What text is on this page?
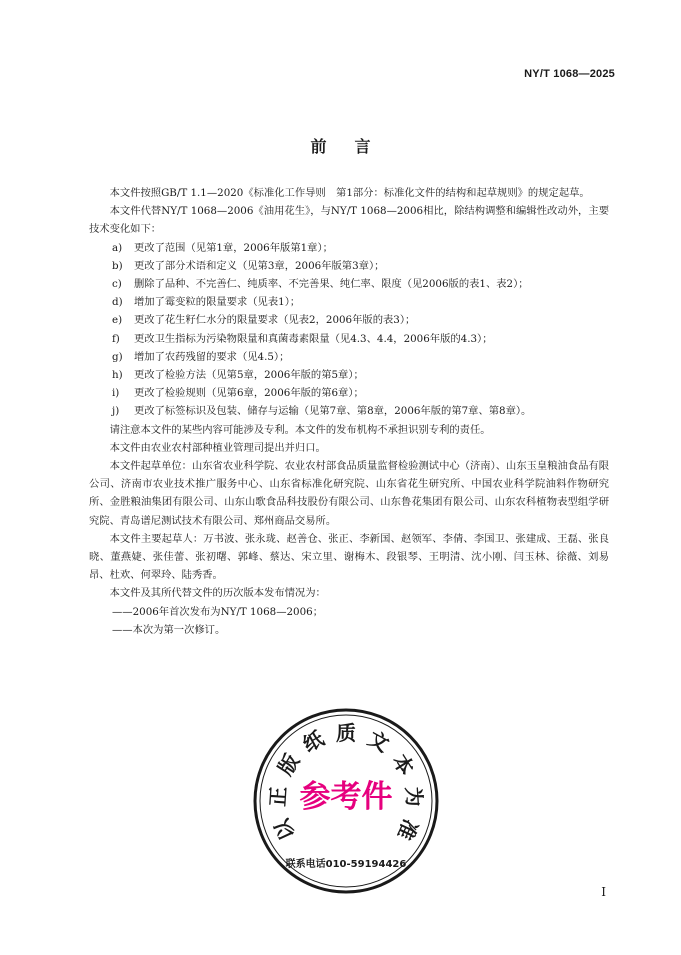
NY/T 1068—2025
前言

本文件按照GB/T 1.1—2020《标准化工作导则　第1部分：标准化文件的结构和起草规则》的规定起草。

本文件代替NY/T 1068—2006《油用花生》，与NY/T 1068—2006相比，除结构调整和编辑性改动外，主要技术变化如下：

a) 更改了范围（见第1章，2006年版第1章）；

b) 更改了部分术语和定义（见第3章，2006年版第3章）；

c) 删除了品种、不完善仁、纯质率、不完善果、纯仁率、限度（见2006版的表1、表2）；

d) 增加了霉变粒的限量要求（见表1）；

e) 更改了花生籽仁水分的限量要求（见表2，2006年版的表3）；

f) 更改卫生指标为污染物限量和真菌毒素限量（见4.3、4.4，2006年版的4.3）；

g) 增加了农药残留的要求（见4.5）；

h) 更改了检验方法（见第5章，2006年版的第5章）；

i) 更改了检验规则（见第6章，2006年版的第6章）；

j) 更改了标签标识及包装、储存与运输（见第7章、第8章，2006年版的第7章、第8章）。

请注意本文件的某些内容可能涉及专利。本文件的发布机构不承担识别专利的责任。

本文件由农业农村部种植业管理司提出并归口。

本文件起草单位：山东省农业科学院、农业农村部食品质量监督检验测试中心（济南）、山东玉皇粮油食品有限公司、济南市农业技术推广服务中心、山东省标准化研究院、山东省花生研究所、中国农业科学院油料作物研究所、金胜粮油集团有限公司、山东山歌食品科技股份有限公司、山东鲁花集团有限公司、山东农科植物表型组学研究院、青岛谱尼测试技术有限公司、郑州商品交易所。

本文件主要起草人：万书波、张永珑、赵善仓、张正、李新国、赵领军、李倩、李国卫、张建成、王磊、张良晓、董燕婕、张佳蕾、张初曙、郭峰、蔡达、宋立里、谢梅木、段银琴、王明清、沈小刚、闫玉林、徐薇、刘易昂、杜欢、何翠玲、陆秀香。

本文件及其所代替文件的历次版本发布情况为：

——2006年首次发布为NY/T 1068—2006；

——本次为第一次修订。

以
正
版
纸 质 文
本
为
准
参考件
联系电话010-59194426
I
